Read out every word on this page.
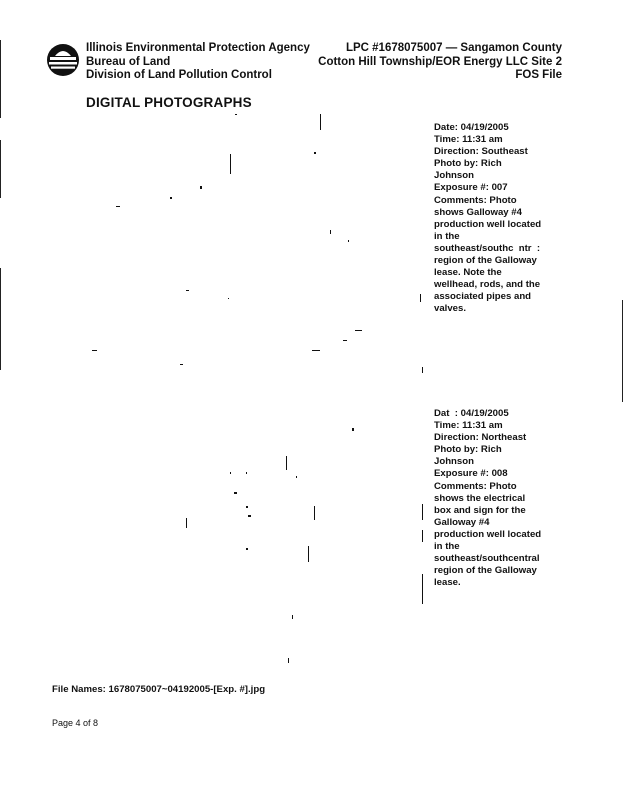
Illinois Environmental Protection Agency
Bureau of Land
Division of Land Pollution Control
LPC #1678075007 — Sangamon County
Cotton Hill Township/EOR Energy LLC Site 2
FOS File
DIGITAL PHOTOGRAPHS
Date: 04/19/2005
Time: 11:31 am
Direction: Southeast
Photo by: Rich
Johnson
Exposure #: 007
Comments: Photo
shows Galloway #4
production well located
in the
southeast/southc  ntr  :
region of the Galloway
lease. Note the
wellhead, rods, and the
associated pipes and
valves.
Dat  : 04/19/2005
Time: 11:31 am
Direction: Northeast
Photo by: Rich
Johnson
Exposure #: 008
Comments: Photo
shows the electrical
box and sign for the
Galloway #4
production well located
in the
southeast/southcentral
region of the Galloway
lease.
File Names: 1678075007~04192005-[Exp. #].jpg
Page 4 of 8
